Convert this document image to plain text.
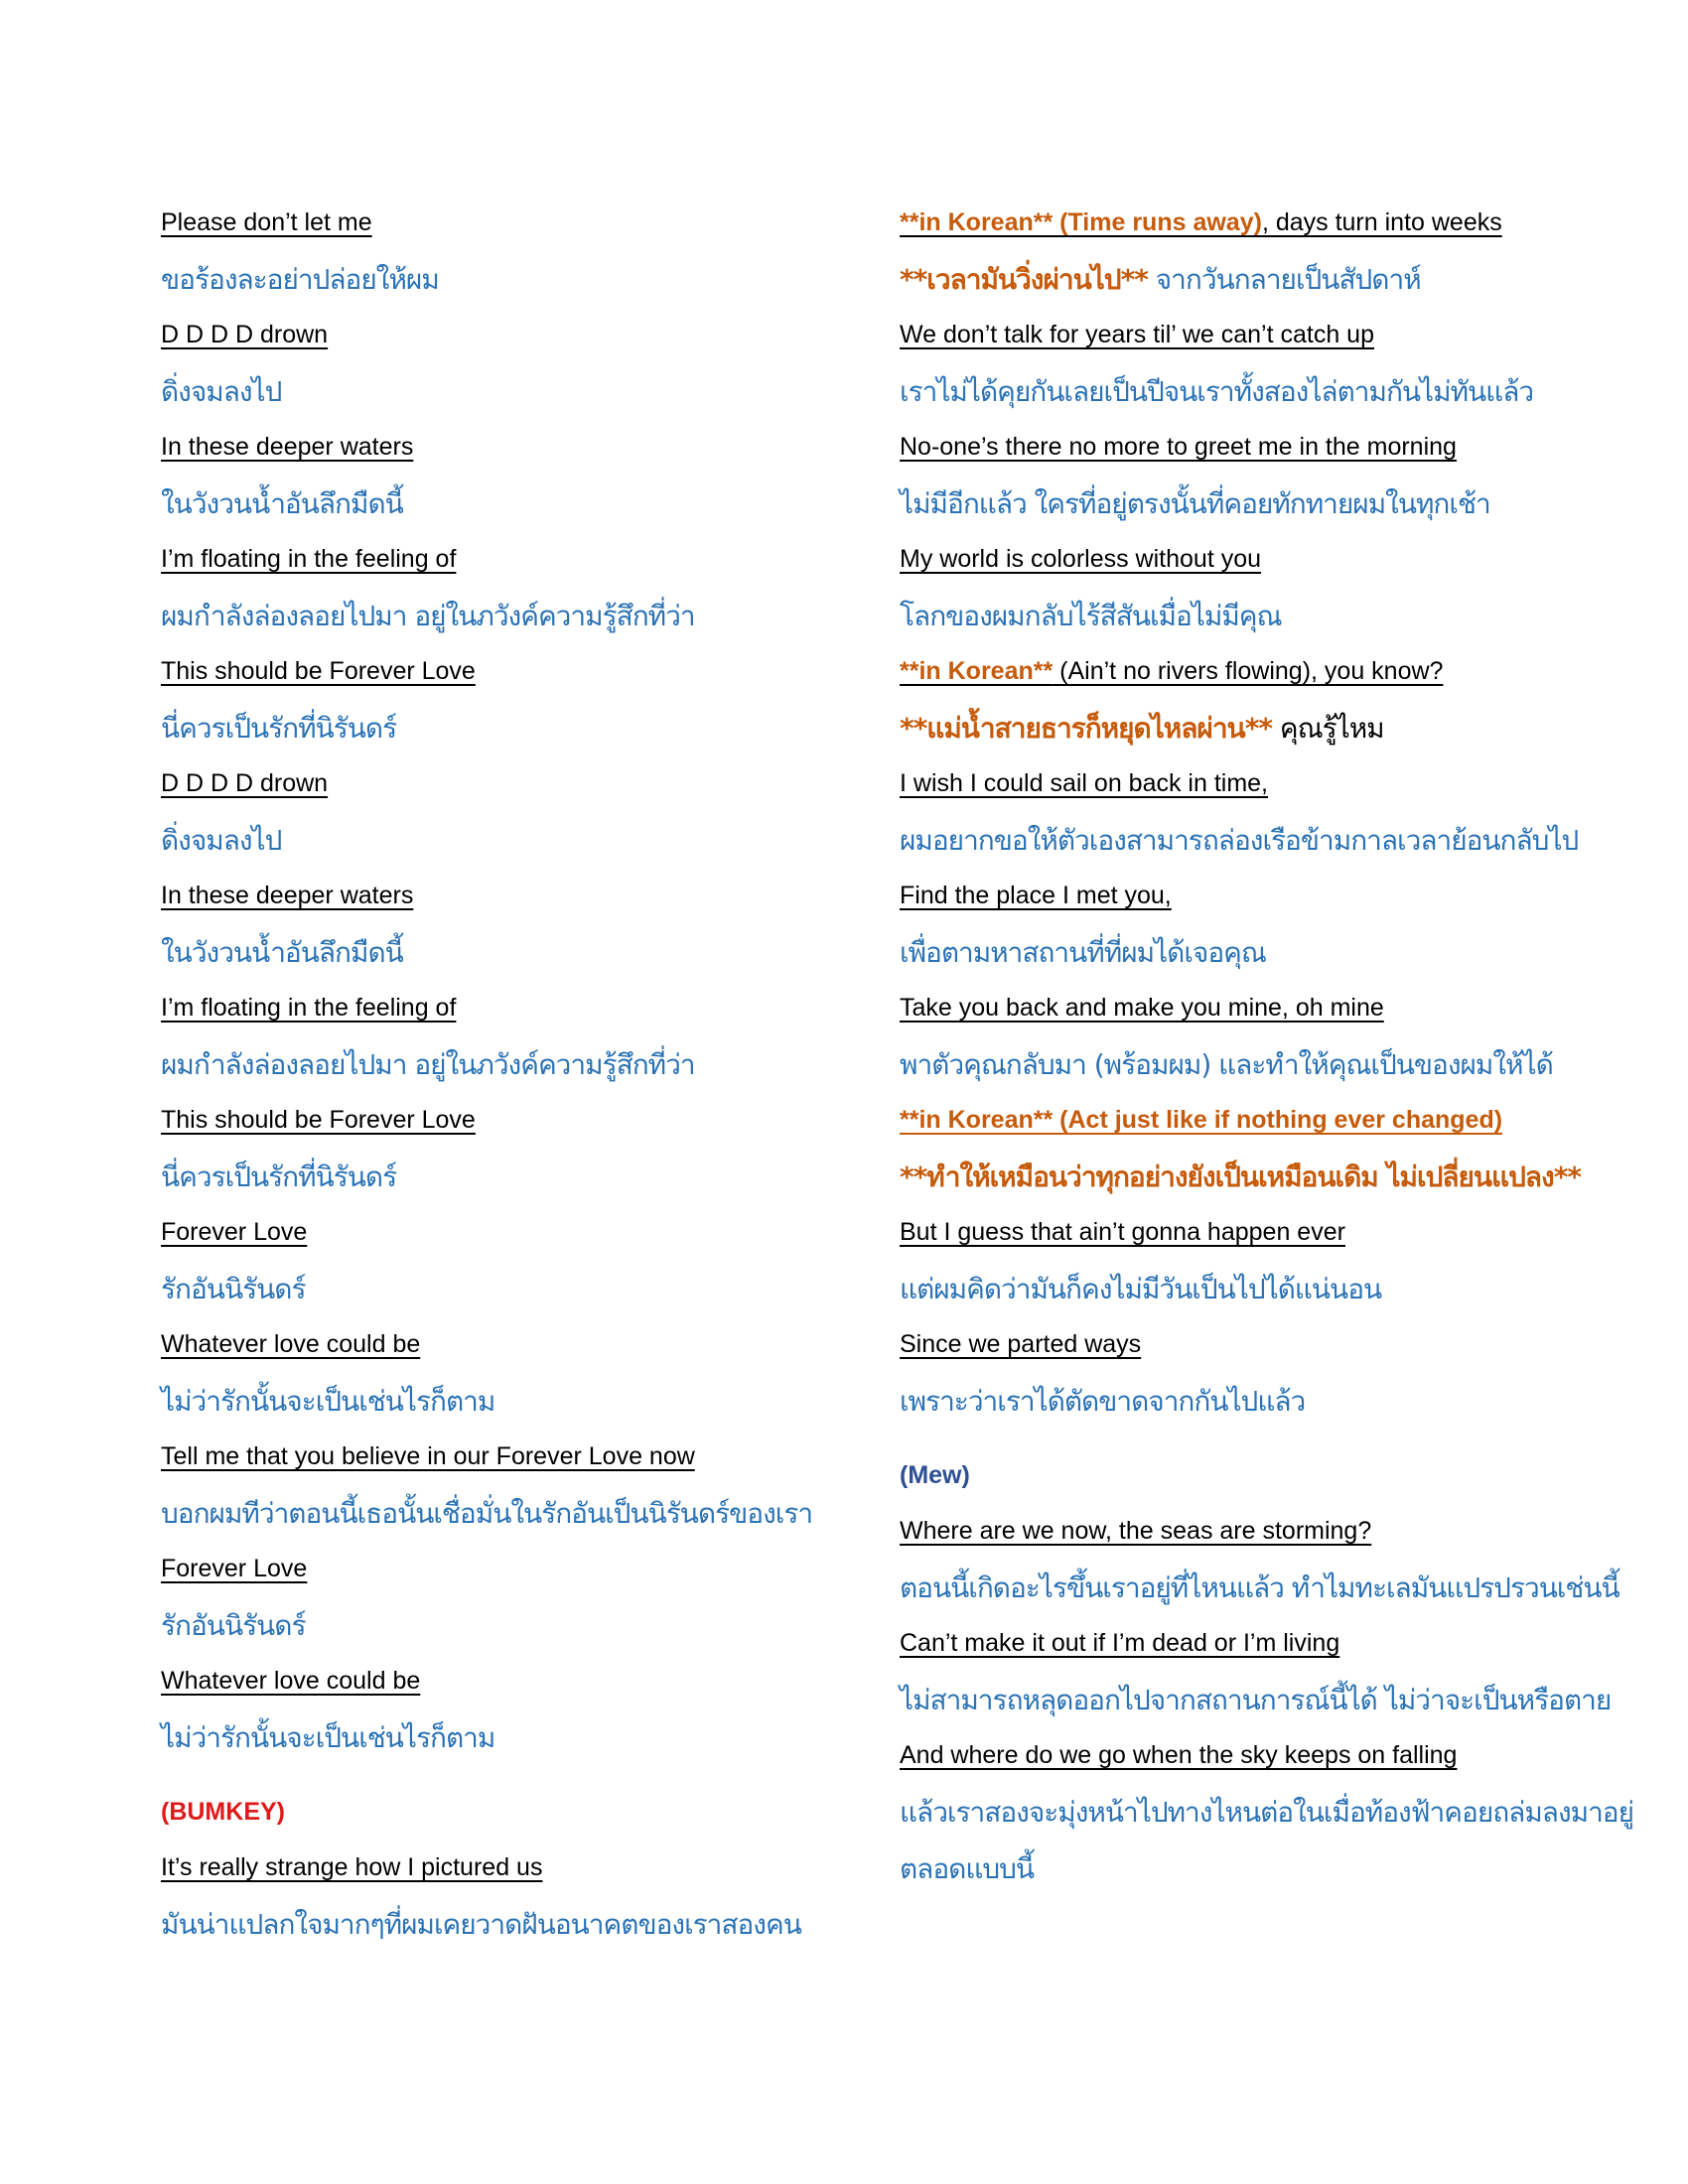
Please don’t let me
ขอร้องละอย่าปล่อยให้ผม
D D D D drown
ดิ่งจมลงไป
In these deeper waters
ในวังวนน้ำอันลึกมืดนี้
I’m floating in the feeling of
ผมกำลังล่องลอยไปมา อยู่ในภวังค์ความรู้สึกที่ว่า
This should be Forever Love
นี่ควรเป็นรักที่นิรันดร์
D D D D drown
ดิ่งจมลงไป
In these deeper waters
ในวังวนน้ำอันลึกมืดนี้
I’m floating in the feeling of
ผมกำลังล่องลอยไปมา อยู่ในภวังค์ความรู้สึกที่ว่า
This should be Forever Love
นี่ควรเป็นรักที่นิรันดร์
Forever Love
รักอันนิรันดร์
Whatever love could be
ไม่ว่ารักนั้นจะเป็นเช่นไรก็ตาม
Tell me that you believe in our Forever Love now
บอกผมทีว่าตอนนี้เธอนั้นเชื่อมั่นในรักอันเป็นนิรันดร์ของเรา
Forever Love
รักอันนิรันดร์
Whatever love could be
ไม่ว่ารักนั้นจะเป็นเช่นไรก็ตาม
(BUMKEY)
It’s really strange how I pictured us
มันน่าแปลกใจมากๆที่ผมเคยวาดฝันอนาคตของเราสองคน
**in Korean** (Time runs away), days turn into weeks
**เวลามันวิ่งผ่านไป** จากวันกลายเป็นสัปดาห์
We don’t talk for years til’ we can’t catch up
เราไม่ได้คุยกันเลยเป็นปีจนเราทั้งสองไล่ตามกันไม่ทันแล้ว
No-one’s there no more to greet me in the morning
ไม่มีอีกแล้ว ใครที่อยู่ตรงนั้นที่คอยทักทายผมในทุกเช้า
My world is colorless without you
โลกของผมกลับไร้สีสันเมื่อไม่มีคุณ
**in Korean** (Ain’t no rivers flowing), you know?
**แม่น้ำสายธารก็หยุดไหลผ่าน** คุณรู้ไหม
I wish I could sail on back in time,
ผมอยากขอให้ตัวเองสามารถล่องเรือข้ามกาลเวลาย้อนกลับไป
Find the place I met you,
เพื่อตามหาสถานที่ที่ผมได้เจอคุณ
Take you back and make you mine, oh mine
พาตัวคุณกลับมา (พร้อมผม) และทำให้คุณเป็นของผมให้ได้
**in Korean** (Act just like if nothing ever changed)
**ทำให้เหมือนว่าทุกอย่างยังเป็นเหมือนเดิม ไม่เปลี่ยนแปลง**
But I guess that ain’t gonna happen ever
แต่ผมคิดว่ามันก็คงไม่มีวันเป็นไปได้แน่นอน
Since we parted ways
เพราะว่าเราได้ตัดขาดจากกันไปแล้ว
(Mew)
Where are we now, the seas are storming?
ตอนนี้เกิดอะไรขึ้นเราอยู่ที่ไหนแล้ว ทำไมทะเลมันแปรปรวนเช่นนี้
Can’t make it out if I’m dead or I’m living
ไม่สามารถหลุดออกไปจากสถานการณ์นี้ได้ ไม่ว่าจะเป็นหรือตาย
And where do we go when the sky keeps on falling
แล้วเราสองจะมุ่งหน้าไปทางไหนต่อในเมื่อท้องฟ้าคอยถล่มลงมาอยู่
ตลอดแบบนี้
